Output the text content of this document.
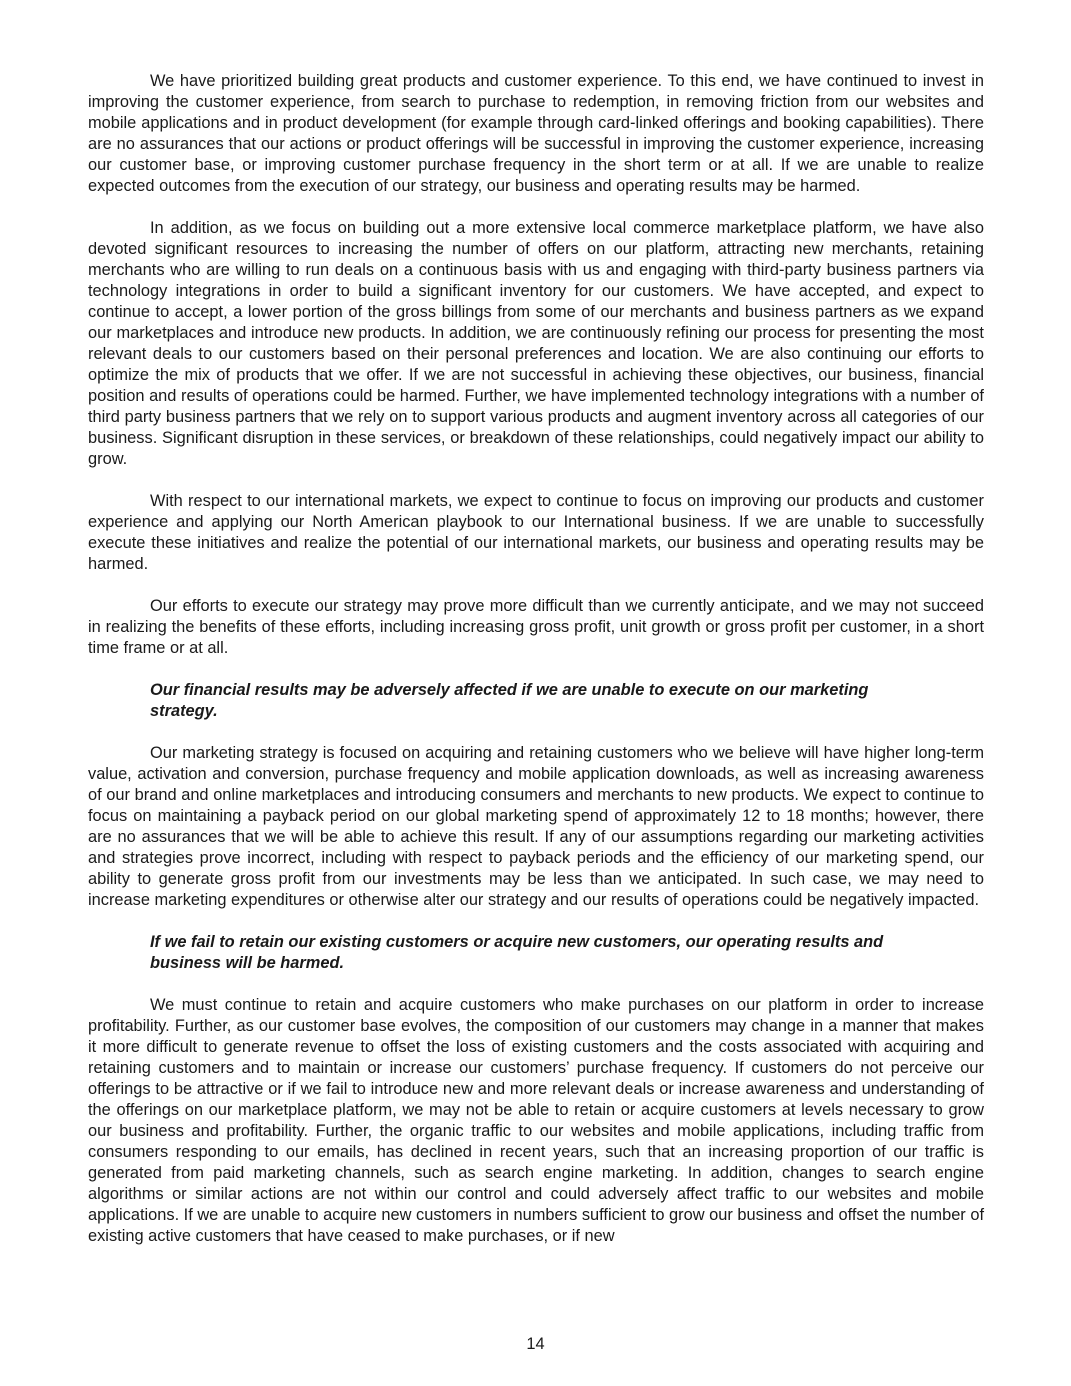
We have prioritized building great products and customer experience. To this end, we have continued to invest in improving the customer experience, from search to purchase to redemption, in removing friction from our websites and mobile applications and in product development (for example through card-linked offerings and booking capabilities). There are no assurances that our actions or product offerings will be successful in improving the customer experience, increasing our customer base, or improving customer purchase frequency in the short term or at all. If we are unable to realize expected outcomes from the execution of our strategy, our business and operating results may be harmed.

In addition, as we focus on building out a more extensive local commerce marketplace platform, we have also devoted significant resources to increasing the number of offers on our platform, attracting new merchants, retaining merchants who are willing to run deals on a continuous basis with us and engaging with third-party business partners via technology integrations in order to build a significant inventory for our customers. We have accepted, and expect to continue to accept, a lower portion of the gross billings from some of our merchants and business partners as we expand our marketplaces and introduce new products. In addition, we are continuously refining our process for presenting the most relevant deals to our customers based on their personal preferences and location. We are also continuing our efforts to optimize the mix of products that we offer. If we are not successful in achieving these objectives, our business, financial position and results of operations could be harmed. Further, we have implemented technology integrations with a number of third party business partners that we rely on to support various products and augment inventory across all categories of our business. Significant disruption in these services, or breakdown of these relationships, could negatively impact our ability to grow.

With respect to our international markets, we expect to continue to focus on improving our products and customer experience and applying our North American playbook to our International business. If we are unable to successfully execute these initiatives and realize the potential of our international markets, our business and operating results may be harmed.

Our efforts to execute our strategy may prove more difficult than we currently anticipate, and we may not succeed in realizing the benefits of these efforts, including increasing gross profit, unit growth or gross profit per customer, in a short time frame or at all.

Our financial results may be adversely affected if we are unable to execute on our marketing strategy.

Our marketing strategy is focused on acquiring and retaining customers who we believe will have higher long-term value, activation and conversion, purchase frequency and mobile application downloads, as well as increasing awareness of our brand and online marketplaces and introducing consumers and merchants to new products. We expect to continue to focus on maintaining a payback period on our global marketing spend of approximately 12 to 18 months; however, there are no assurances that we will be able to achieve this result. If any of our assumptions regarding our marketing activities and strategies prove incorrect, including with respect to payback periods and the efficiency of our marketing spend, our ability to generate gross profit from our investments may be less than we anticipated. In such case, we may need to increase marketing expenditures or otherwise alter our strategy and our results of operations could be negatively impacted.

If we fail to retain our existing customers or acquire new customers, our operating results and business will be harmed.

We must continue to retain and acquire customers who make purchases on our platform in order to increase profitability. Further, as our customer base evolves, the composition of our customers may change in a manner that makes it more difficult to generate revenue to offset the loss of existing customers and the costs associated with acquiring and retaining customers and to maintain or increase our customers’ purchase frequency. If customers do not perceive our offerings to be attractive or if we fail to introduce new and more relevant deals or increase awareness and understanding of the offerings on our marketplace platform, we may not be able to retain or acquire customers at levels necessary to grow our business and profitability. Further, the organic traffic to our websites and mobile applications, including traffic from consumers responding to our emails, has declined in recent years, such that an increasing proportion of our traffic is generated from paid marketing channels, such as search engine marketing. In addition, changes to search engine algorithms or similar actions are not within our control and could adversely affect traffic to our websites and mobile applications. If we are unable to acquire new customers in numbers sufficient to grow our business and offset the number of existing active customers that have ceased to make purchases, or if new

14
